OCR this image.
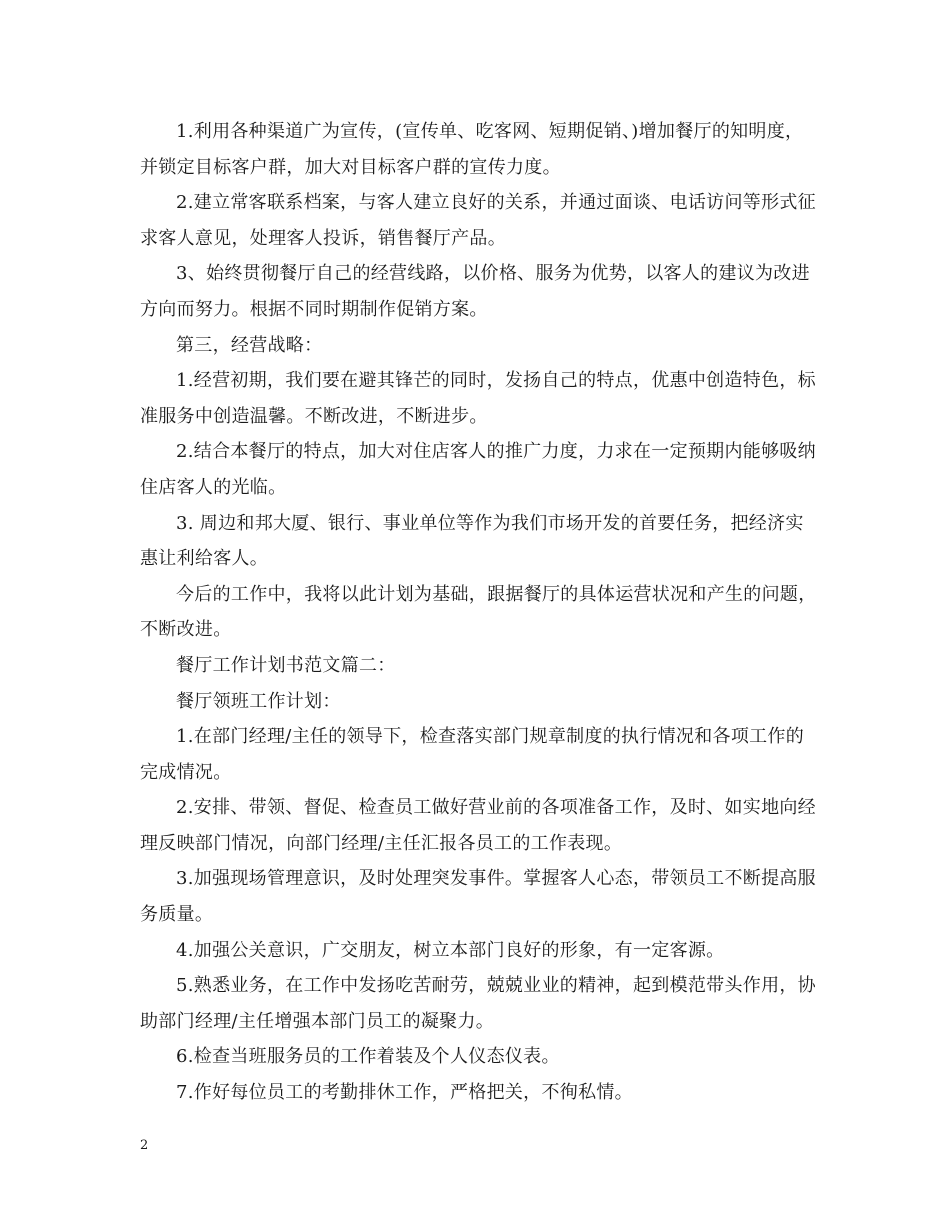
1.利用各种渠道广为宣传，(宣传单、吃客网、短期促销、)增加餐厅的知明度，并锁定目标客户群，加大对目标客户群的宣传力度。

2.建立常客联系档案，与客人建立良好的关系，并通过面谈、电话访问等形式征求客人意见，处理客人投诉，销售餐厅产品。

3、始终贯彻餐厅自己的经营线路，以价格、服务为优势，以客人的建议为改进方向而努力。根据不同时期制作促销方案。

第三，经营战略：

1.经营初期，我们要在避其锋芒的同时，发扬自己的特点，优惠中创造特色，标准服务中创造温馨。不断改进，不断进步。

2.结合本餐厅的特点，加大对住店客人的推广力度，力求在一定预期内能够吸纳住店客人的光临。

3. 周边和邦大厦、银行、事业单位等作为我们市场开发的首要任务，把经济实惠让利给客人。

今后的工作中，我将以此计划为基础，跟据餐厅的具体运营状况和产生的问题，不断改进。

餐厅工作计划书范文篇二：

餐厅领班工作计划：

1.在部门经理/主任的领导下，检查落实部门规章制度的执行情况和各项工作的完成情况。

2.安排、带领、督促、检查员工做好营业前的各项准备工作，及时、如实地向经理反映部门情况，向部门经理/主任汇报各员工的工作表现。

3.加强现场管理意识，及时处理突发事件。掌握客人心态，带领员工不断提高服务质量。

4.加强公关意识，广交朋友，树立本部门良好的形象，有一定客源。

5.熟悉业务，在工作中发扬吃苦耐劳，兢兢业业的精神，起到模范带头作用，协助部门经理/主任增强本部门员工的凝聚力。

6.检查当班服务员的工作着装及个人仪态仪表。

7.作好每位员工的考勤排休工作，严格把关，不徇私情。

2
